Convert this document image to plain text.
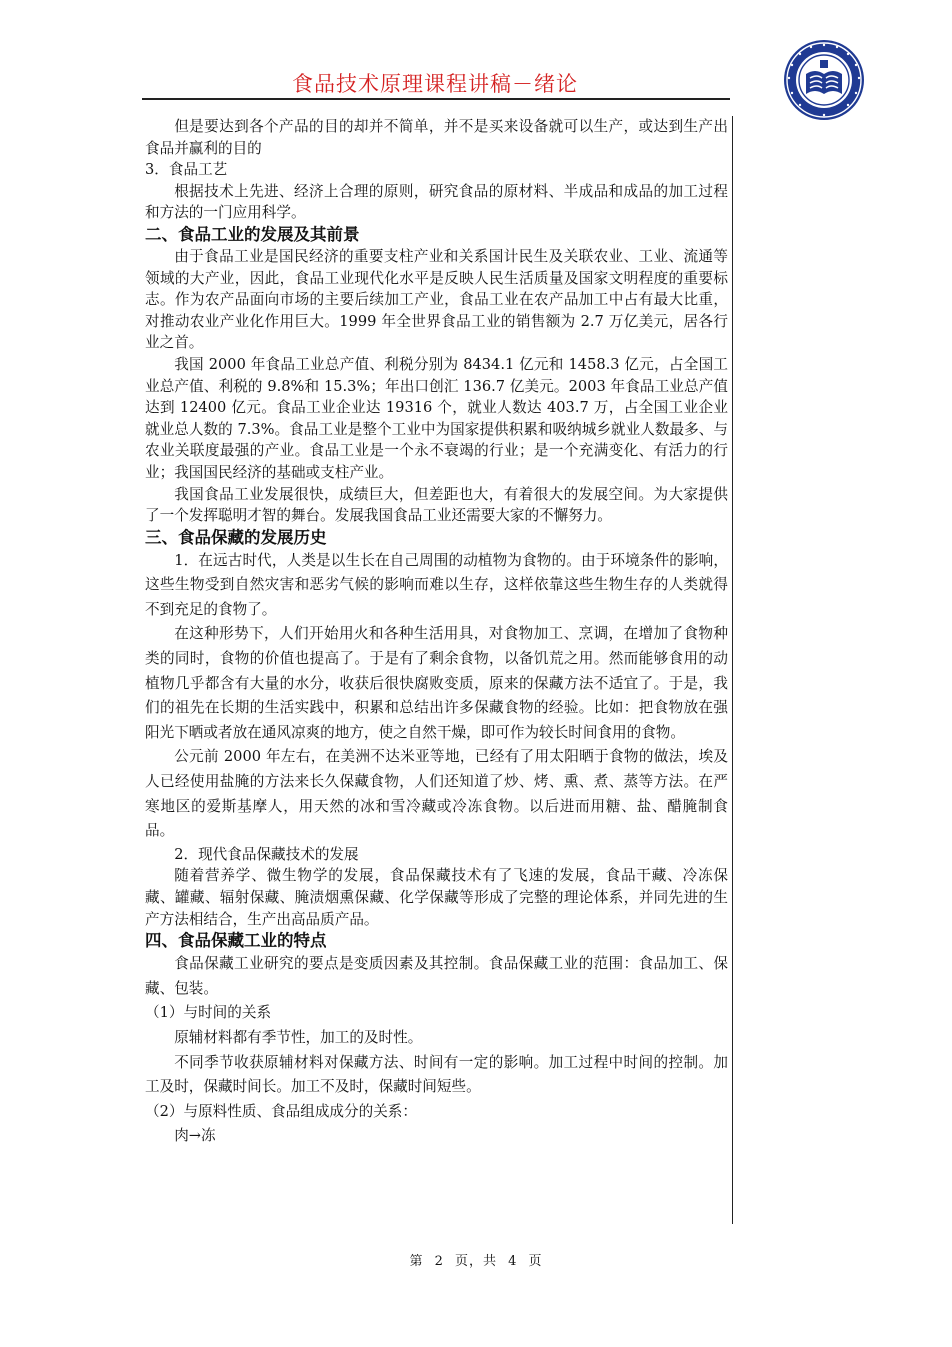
食品技术原理课程讲稿－绪论

但是要达到各个产品的目的却并不简单，并不是买来设备就可以生产，或达到生产出食品并赢利的目的

3．食品工艺

根据技术上先进、经济上合理的原则，研究食品的原材料、半成品和成品的加工过程和方法的一门应用科学。

二、食品工业的发展及其前景

由于食品工业是国民经济的重要支柱产业和关系国计民生及关联农业、工业、流通等领域的大产业，因此，食品工业现代化水平是反映人民生活质量及国家文明程度的重要标志。作为农产品面向市场的主要后续加工产业，食品工业在农产品加工中占有最大比重，对推动农业产业化作用巨大。1999 年全世界食品工业的销售额为 2.7 万亿美元，居各行业之首。

我国 2000 年食品工业总产值、利税分别为 8434.1 亿元和 1458.3 亿元，占全国工业总产值、利税的 9.8%和 15.3%；年出口创汇 136.7 亿美元。2003 年食品工业总产值达到 12400 亿元。食品工业企业达 19316 个，就业人数达 403.7 万，占全国工业企业就业总人数的 7.3%。食品工业是整个工业中为国家提供积累和吸纳城乡就业人数最多、与农业关联度最强的产业。食品工业是一个永不衰竭的行业；是一个充满变化、有活力的行业；我国国民经济的基础或支柱产业。

我国食品工业发展很快，成绩巨大，但差距也大，有着很大的发展空间。为大家提供了一个发挥聪明才智的舞台。发展我国食品工业还需要大家的不懈努力。

三、食品保藏的发展历史

1．在远古时代，人类是以生长在自己周围的动植物为食物的。由于环境条件的影响，这些生物受到自然灾害和恶劣气候的影响而难以生存，这样依靠这些生物生存的人类就得不到充足的食物了。

在这种形势下，人们开始用火和各种生活用具，对食物加工、烹调，在增加了食物种类的同时，食物的价值也提高了。于是有了剩余食物，以备饥荒之用。然而能够食用的动植物几乎都含有大量的水分，收获后很快腐败变质，原来的保藏方法不适宜了。于是，我们的祖先在长期的生活实践中，积累和总结出许多保藏食物的经验。比如：把食物放在强阳光下晒或者放在通风凉爽的地方，使之自然干燥，即可作为较长时间食用的食物。

公元前 2000 年左右，在美洲不达米亚等地，已经有了用太阳晒于食物的做法，埃及人已经使用盐腌的方法来长久保藏食物，人们还知道了炒、烤、熏、煮、蒸等方法。在严寒地区的爱斯基摩人，用天然的冰和雪冷藏或冷冻食物。以后进而用糖、盐、醋腌制食品。

2．现代食品保藏技术的发展

随着营养学、微生物学的发展，食品保藏技术有了飞速的发展，食品干藏、冷冻保藏、罐藏、辐射保藏、腌渍烟熏保藏、化学保藏等形成了完整的理论体系，并同先进的生产方法相结合，生产出高品质产品。

四、食品保藏工业的特点

食品保藏工业研究的要点是变质因素及其控制。食品保藏工业的范围：食品加工、保藏、包装。

（1）与时间的关系

原辅材料都有季节性，加工的及时性。

不同季节收获原辅材料对保藏方法、时间有一定的影响。加工过程中时间的控制。加工及时，保藏时间长。加工不及时，保藏时间短些。

（2）与原料性质、食品组成成分的关系：

肉→冻

第 2 页，共 4 页
